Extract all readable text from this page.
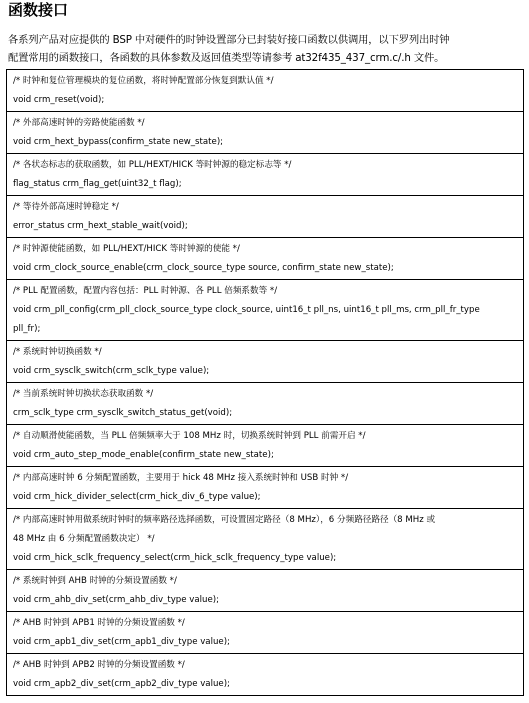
函数接口
各系列产品对应提供的 BSP 中对硬件的时钟设置部分已封装好接口函数以供调用，以下罗列出时钟
配置常用的函数接口，各函数的具体参数及返回值类型等请参考 at32f435_437_crm.c/.h 文件。
/* 时钟和复位管理模块的复位函数，将时钟配置部分恢复到默认值 */
void crm_reset(void);

/* 外部高速时钟的旁路使能函数 */
void crm_hext_bypass(confirm_state new_state);

/* 各状态标志的获取函数，如 PLL/HEXT/HICK 等时钟源的稳定标志等 */
flag_status crm_flag_get(uint32_t flag);

/* 等待外部高速时钟稳定 */
error_status crm_hext_stable_wait(void);

/* 时钟源使能函数，如 PLL/HEXT/HICK 等时钟源的使能 */
void crm_clock_source_enable(crm_clock_source_type source, confirm_state new_state);

/* PLL 配置函数，配置内容包括：PLL 时钟源、各 PLL 倍频系数等 */
void crm_pll_config(crm_pll_clock_source_type clock_source, uint16_t pll_ns, uint16_t pll_ms, crm_pll_fr_type
pll_fr);

/* 系统时钟切换函数 */
void crm_sysclk_switch(crm_sclk_type value);

/* 当前系统时钟切换状态获取函数 */
crm_sclk_type crm_sysclk_switch_status_get(void);

/* 自动顺滑使能函数，当 PLL 倍频频率大于 108 MHz 时，切换系统时钟到 PLL 前需开启 */
void crm_auto_step_mode_enable(confirm_state new_state);

/* 内部高速时钟 6 分频配置函数，主要用于 hick 48 MHz 接入系统时钟和 USB 时钟 */
void crm_hick_divider_select(crm_hick_div_6_type value);

/* 内部高速时钟用做系统时钟时的频率路径选择函数，可设置固定路径（8 MHz），6 分频路径路径（8 MHz 或
48 MHz 由 6 分频配置函数决定） */
void crm_hick_sclk_frequency_select(crm_hick_sclk_frequency_type value);

/* 系统时钟到 AHB 时钟的分频设置函数 */
void crm_ahb_div_set(crm_ahb_div_type value);

/* AHB 时钟到 APB1 时钟的分频设置函数 */
void crm_apb1_div_set(crm_apb1_div_type value);

/* AHB 时钟到 APB2 时钟的分频设置函数 */
void crm_apb2_div_set(crm_apb2_div_type value);
